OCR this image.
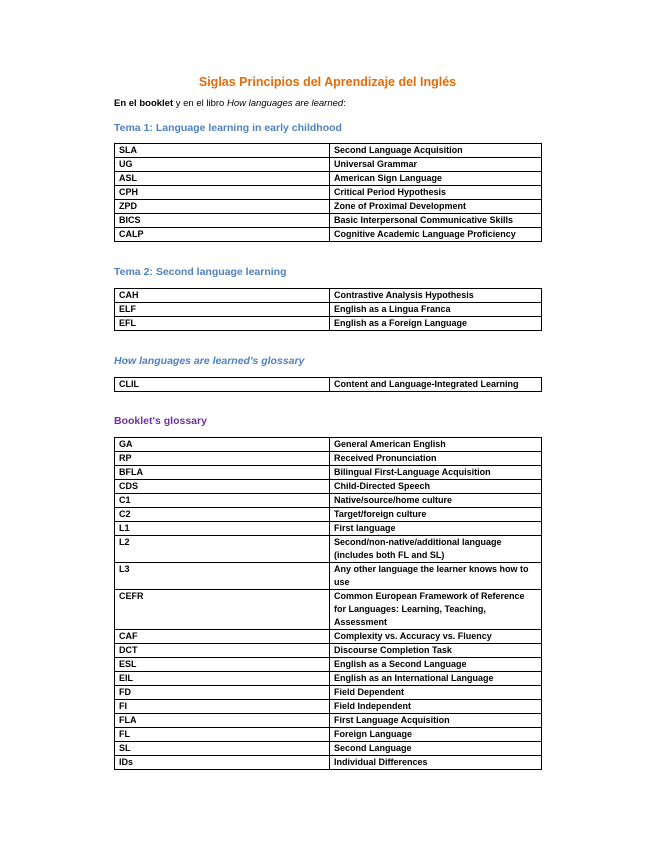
Siglas Principios del Aprendizaje del Inglés
En el booklet y en el libro How languages are learned:
Tema 1: Language learning in early childhood
SLA	Second Language Acquisition
UG	Universal Grammar
ASL	American Sign Language
CPH	Critical Period Hypothesis
ZPD	Zone of Proximal Development
BICS	Basic Interpersonal Communicative Skills
CALP	Cognitive Academic Language Proficiency
Tema 2: Second language learning
CAH	Contrastive Analysis Hypothesis
ELF	English as a Lingua Franca
EFL	English as a Foreign Language
How languages are learned's glossary
CLIL	Content and Language-Integrated Learning
Booklet's glossary
GA	General American English
RP	Received Pronunciation
BFLA	Bilingual First-Language Acquisition
CDS	Child-Directed Speech
C1	Native/source/home culture
C2	Target/foreign culture
L1	First language
L2	Second/non-native/additional language (includes both FL and SL)
L3	Any other language the learner knows how to use
CEFR	Common European Framework of Reference for Languages: Learning, Teaching, Assessment
CAF	Complexity vs. Accuracy vs. Fluency
DCT	Discourse Completion Task
ESL	English as a Second Language
EIL	English as an International Language
FD	Field Dependent
FI	Field Independent
FLA	First Language Acquisition
FL	Foreign Language
SL	Second Language
IDs	Individual Differences
